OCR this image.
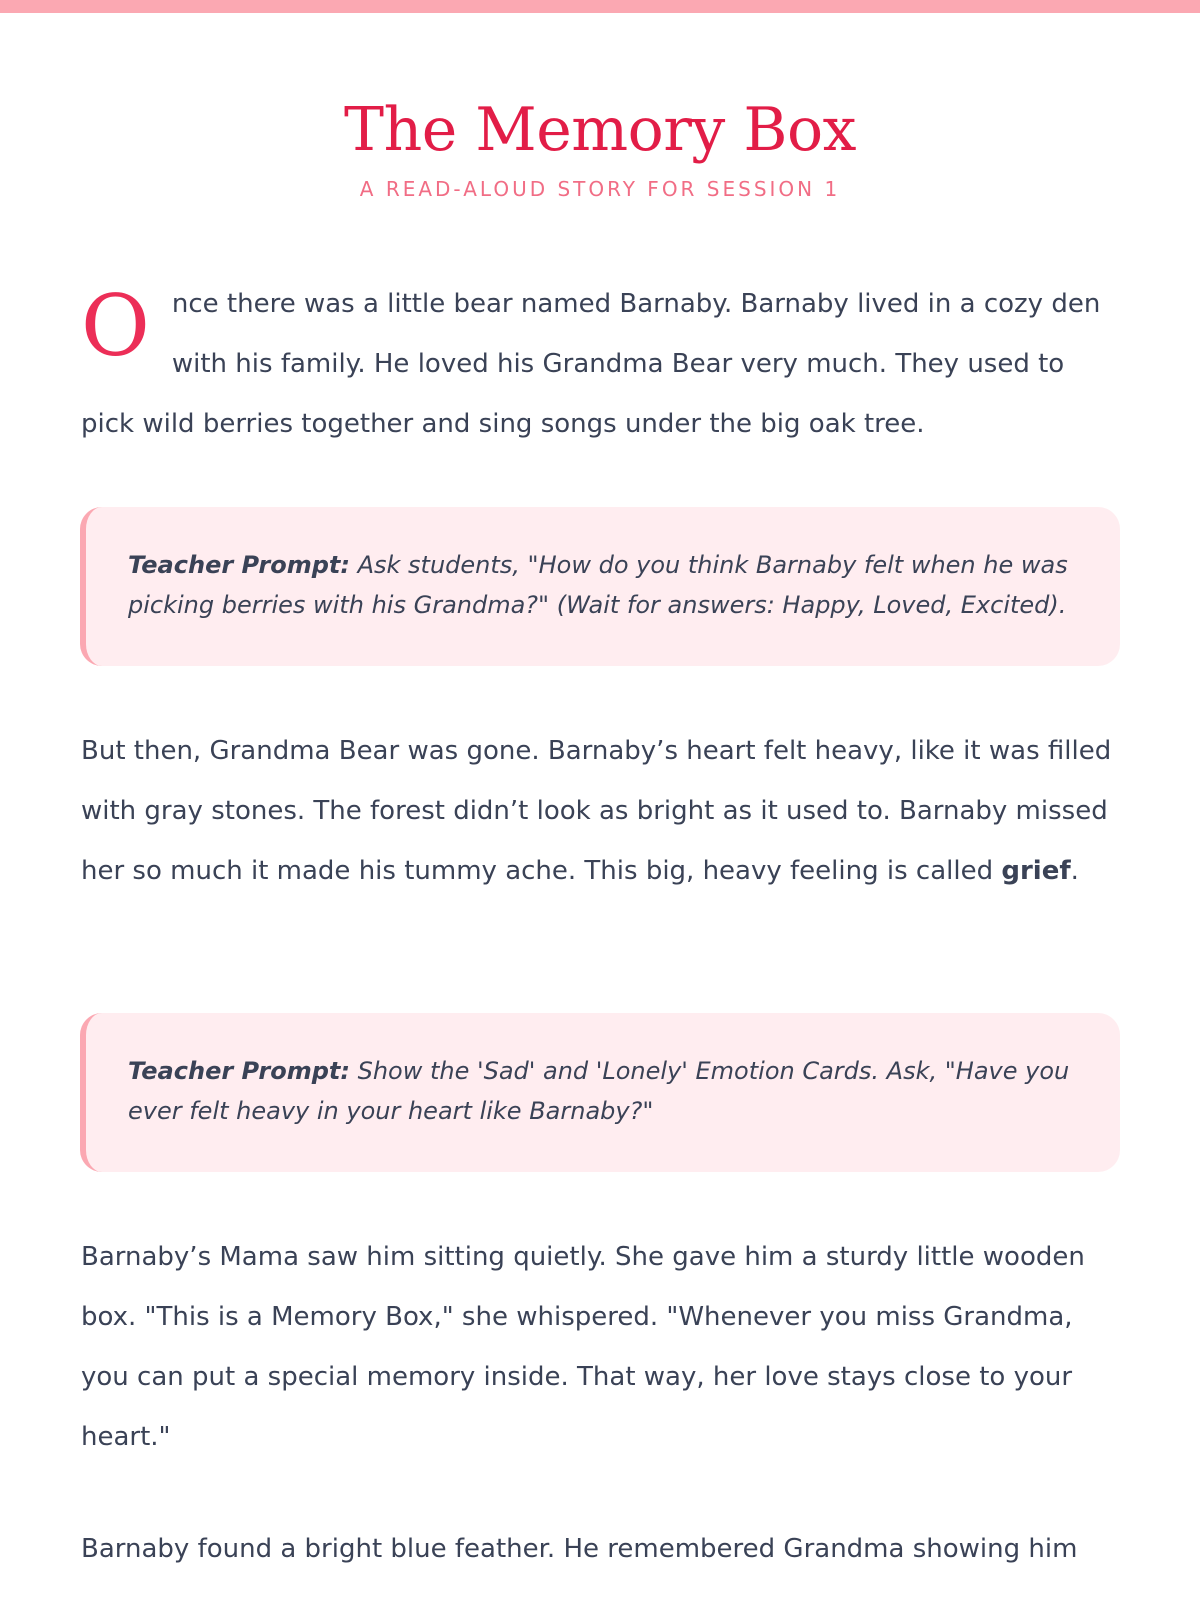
The Memory Box
A READ-ALOUD STORY FOR SESSION 1

Once there was a little bear named Barnaby. Barnaby lived in a cozy den with his family. He loved his Grandma Bear very much. They used to pick wild berries together and sing songs under the big oak tree.

Teacher Prompt: Ask students, "How do you think Barnaby felt when he was picking berries with his Grandma?" (Wait for answers: Happy, Loved, Excited).

But then, Grandma Bear was gone. Barnaby’s heart felt heavy, like it was filled with gray stones. The forest didn’t look as bright as it used to. Barnaby missed her so much it made his tummy ache. This big, heavy feeling is called grief.

Teacher Prompt: Show the 'Sad' and 'Lonely' Emotion Cards. Ask, "Have you ever felt heavy in your heart like Barnaby?"

Barnaby’s Mama saw him sitting quietly. She gave him a sturdy little wooden box. "This is a Memory Box," she whispered. "Whenever you miss Grandma, you can put a special memory inside. That way, her love stays close to your heart."

Barnaby found a bright blue feather. He remembered Grandma showing him
